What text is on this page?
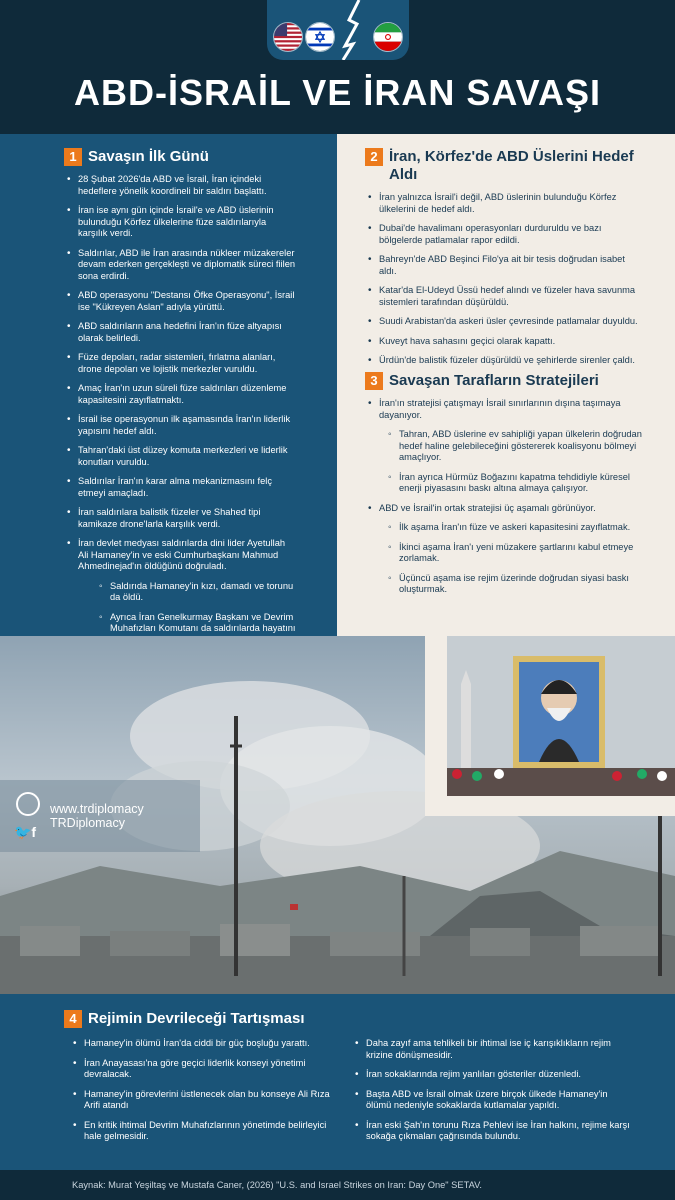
ABD-İSRAİL VE İRAN SAVAŞI
1 Savaşın İlk Günü
• 28 Şubat 2026'da ABD ve İsrail, İran içindeki hedeflere yönelik koordineli bir saldırı başlattı.
• İran ise aynı gün içinde İsrail'e ve ABD üslerinin bulunduğu Körfez ülkelerine füze saldırılarıyla karşılık verdi.
• Saldırılar, ABD ile İran arasında nükleer müzakereler devam ederken gerçekleşti ve diplomatik süreci fiilen sona erdirdi.
• ABD operasyonu "Destansı Öfke Operasyonu", İsrail ise "Kükreyen Aslan" adıyla yürüttü.
• ABD saldırıların ana hedefini İran'ın füze altyapısı olarak belirledi.
• Füze depoları, radar sistemleri, fırlatma alanları, drone depoları ve lojistik merkezler vuruldu.
• Amaç İran'ın uzun süreli füze saldırıları düzenleme kapasitesini zayıflatmaktı.
• İsrail ise operasyonun ilk aşamasında İran'ın liderlik yapısını hedef aldı.
• Tahran'daki üst düzey komuta merkezleri ve liderlik konutları vuruldu.
• Saldırılar İran'ın karar alma mekanizmasını felç etmeyi amaçladı.
• İran saldırılara balistik füzeler ve Shahed tipi kamikaze drone'larla karşılık verdi.
• İran devlet medyası saldırılarda dini lider Ayetullah Ali Hamaney'in ve eski Cumhurbaşkanı Mahmud Ahmedinejad'ın öldüğünü doğruladı.
◦ Saldırıda Hamaney'in kızı, damadı ve torunu da öldü.
◦ Ayrıca İran Genelkurmay Başkanı ve Devrim Muhafızları Komutanı da saldırılarda hayatını
2 İran, Körfez'de ABD Üslerini Hedef Aldı
• İran yalnızca İsrail'i değil, ABD üslerinin bulunduğu Körfez ülkelerini de hedef aldı.
• Dubai'de havalimanı operasyonları durduruldu ve bazı bölgelerde patlamalar rapor edildi.
• Bahreyn'de ABD Beşinci Filo'ya ait bir tesis doğrudan isabet aldı.
• Katar'da El-Udeyd Üssü hedef alındı ve füzeler hava savunma sistemleri tarafından düşürüldü.
• Suudi Arabistan'da askeri üsler çevresinde patlamalar duyuldu.
• Kuveyt hava sahasını geçici olarak kapattı.
• Ürdün'de balistik füzeler düşürüldü ve şehirlerde sirenler çaldı.
3 Savaşan Tarafların Stratejileri
• İran'ın stratejisi çatışmayı İsrail sınırlarının dışına taşımaya dayanıyor.
◦ Tahran, ABD üslerine ev sahipliği yapan ülkelerin doğrudan hedef haline gelebileceğini göstererek koalisyonu bölmeyi amaçlıyor.
◦ İran ayrıca Hürmüz Boğazını kapatma tehdidiyle küresel enerji piyasasını baskı altına almaya çalışıyor.
• ABD ve İsrail'in ortak stratejisi üç aşamalı görünüyor.
◦ İlk aşama İran'ın füze ve askeri kapasitesini zayıflatmak.
◦ İkinci aşama İran'ı yeni müzakere şartlarını kabul etmeye zorlamak.
◦ Üçüncü aşama ise rejim üzerinde doğrudan siyasi baskı oluşturmak.
🐦f
www.trdiplomacy
TRDiplomacy
4 Rejimin Devrileceği Tartışması
• Hamaney'in ölümü İran'da ciddi bir güç boşluğu yarattı.
• İran Anayasası'na göre geçici liderlik konseyi yönetimi devralacak.
• Hamaney'in görevlerini üstlenecek olan bu konseye Ali Rıza Arifi atandı
• En kritik ihtimal Devrim Muhafızlarının yönetimde belirleyici hale gelmesidir.
• Daha zayıf ama tehlikeli bir ihtimal ise iç karışıklıkların rejim krizine dönüşmesidir.
• İran sokaklarında rejim yanlıları gösteriler düzenledi.
• Başta ABD ve İsrail olmak üzere birçok ülkede Hamaney'in ölümü nedeniyle sokaklarda kutlamalar yapıldı.
• İran eski Şah'ın torunu Rıza Pehlevi ise İran halkını, rejime karşı sokağa çıkmaları çağrısında bulundu.
Kaynak: Murat Yeşiltaş ve Mustafa Caner, (2026) "U.S. and Israel Strikes on Iran: Day One" SETAV.
